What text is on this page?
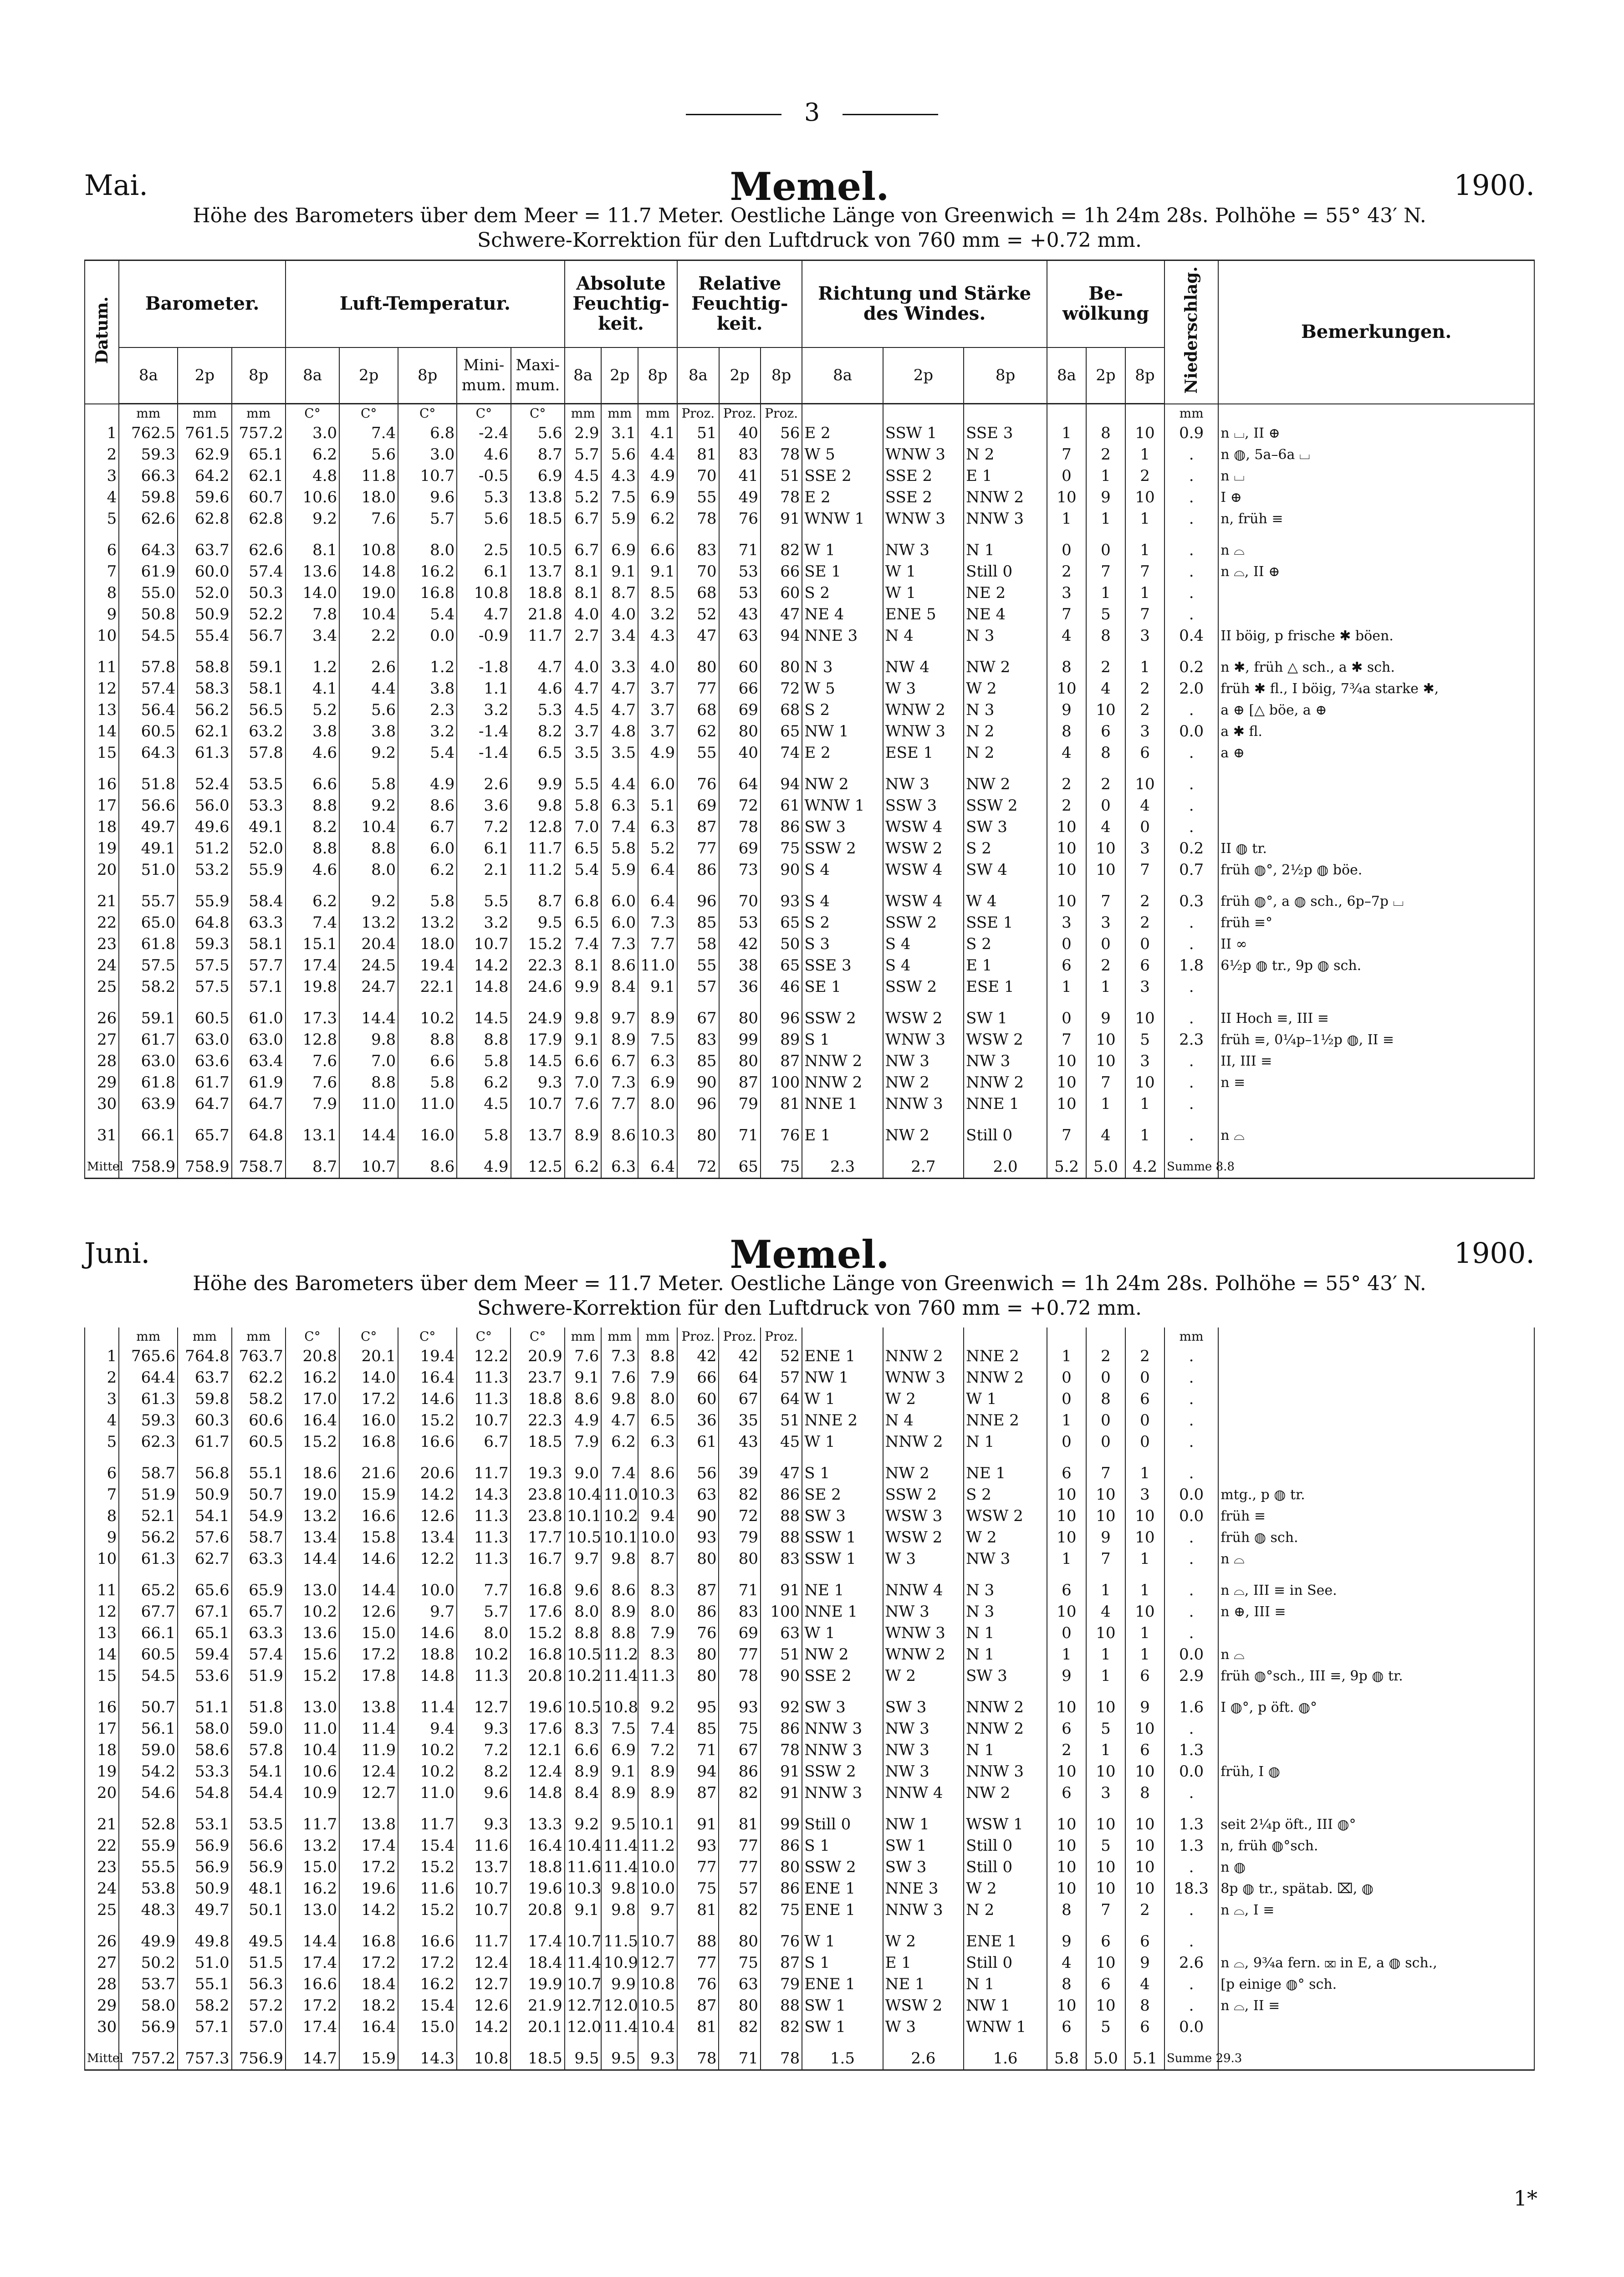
3
Mai.	Memel.	1900.
Höhe des Barometers über dem Meer = 11.7 Meter. Oestliche Länge von Greenwich = 1h 24m 28s. Polhöhe = 55° 43′ N.
Schwere-Korrektion für den Luftdruck von 760 mm = +0.72 mm.
Datum.	Barometer.			Luft-Temperatur.					Absolute Feuchtig-keit.			Relative Feuchtig-keit.			Richtung und Stärke des Windes.			Be-wölkung			Niederschlag.	Bemerkungen.
	8a	2p	8p	8a	2p	8p	Mini-mum.	Maxi-mum.	8a	2p	8p	8a	2p	8p	8a	2p	8p	8a	2p	8p		
	mm	mm	mm	C°	C°	C°	C°	C°	mm	mm	mm	Proz.	Proz.	Proz.							mm	
1	762.5	761.5	757.2	3.0	7.4	6.8	-2.4	5.6	2.9	3.1	4.1	51	40	56	E 2	SSW 1	SSE 3	1	8	10	0.9	n ⌴, II ⊕
2	59.3	62.9	65.1	6.2	5.6	3.0	4.6	8.7	5.7	5.6	4.4	81	83	78	W 5	WNW 3	N 2	7	2	1	.	n ◍, 5a–6a ⌴
3	66.3	64.2	62.1	4.8	11.8	10.7	-0.5	6.9	4.5	4.3	4.9	70	41	51	SSE 2	SSE 2	E 1	0	1	2	.	n ⌴
4	59.8	59.6	60.7	10.6	18.0	9.6	5.3	13.8	5.2	7.5	6.9	55	49	78	E 2	SSE 2	NNW 2	10	9	10	.	I ⊕
5	62.6	62.8	62.8	9.2	7.6	5.7	5.6	18.5	6.7	5.9	6.2	78	76	91	WNW 1	WNW 3	NNW 3	1	1	1	.	n, früh ≡

6	64.3	63.7	62.6	8.1	10.8	8.0	2.5	10.5	6.7	6.9	6.6	83	71	82	W 1	NW 3	N 1	0	0	1	.	n ⌓
7	61.9	60.0	57.4	13.6	14.8	16.2	6.1	13.7	8.1	9.1	9.1	70	53	66	SE 1	W 1	Still 0	2	7	7	.	n ⌓, II ⊕
8	55.0	52.0	50.3	14.0	19.0	16.8	10.8	18.8	8.1	8.7	8.5	68	53	60	S 2	W 1	NE 2	3	1	1	.	
9	50.8	50.9	52.2	7.8	10.4	5.4	4.7	21.8	4.0	4.0	3.2	52	43	47	NE 4	ENE 5	NE 4	7	5	7	.	
10	54.5	55.4	56.7	3.4	2.2	0.0	-0.9	11.7	2.7	3.4	4.3	47	63	94	NNE 3	N 4	N 3	4	8	3	0.4	II böig, p frische ✱ böen.

11	57.8	58.8	59.1	1.2	2.6	1.2	-1.8	4.7	4.0	3.3	4.0	80	60	80	N 3	NW 4	NW 2	8	2	1	0.2	n ✱, früh △ sch., a ✱ sch.
12	57.4	58.3	58.1	4.1	4.4	3.8	1.1	4.6	4.7	4.7	3.7	77	66	72	W 5	W 3	W 2	10	4	2	2.0	früh ✱ fl., I böig, 7¾a starke ✱,
13	56.4	56.2	56.5	5.2	5.6	2.3	3.2	5.3	4.5	4.7	3.7	68	69	68	S 2	WNW 2	N 3	9	10	2	.	a ⊕ [△ böe, a ⊕
14	60.5	62.1	63.2	3.8	3.8	3.2	-1.4	8.2	3.7	4.8	3.7	62	80	65	NW 1	WNW 3	N 2	8	6	3	0.0	a ✱ fl.
15	64.3	61.3	57.8	4.6	9.2	5.4	-1.4	6.5	3.5	3.5	4.9	55	40	74	E 2	ESE 1	N 2	4	8	6	.	a ⊕

16	51.8	52.4	53.5	6.6	5.8	4.9	2.6	9.9	5.5	4.4	6.0	76	64	94	NW 2	NW 3	NW 2	2	2	10	.	
17	56.6	56.0	53.3	8.8	9.2	8.6	3.6	9.8	5.8	6.3	5.1	69	72	61	WNW 1	SSW 3	SSW 2	2	0	4	.	
18	49.7	49.6	49.1	8.2	10.4	6.7	7.2	12.8	7.0	7.4	6.3	87	78	86	SW 3	WSW 4	SW 3	10	4	0	.	
19	49.1	51.2	52.0	8.8	8.8	6.0	6.1	11.7	6.5	5.8	5.2	77	69	75	SSW 2	WSW 2	S 2	10	10	3	0.2	II ◍ tr.
20	51.0	53.2	55.9	4.6	8.0	6.2	2.1	11.2	5.4	5.9	6.4	86	73	90	S 4	WSW 4	SW 4	10	10	7	0.7	früh ◍°, 2½p ◍ böe.

21	55.7	55.9	58.4	6.2	9.2	5.8	5.5	8.7	6.8	6.0	6.4	96	70	93	S 4	WSW 4	W 4	10	7	2	0.3	früh ◍°, a ◍ sch., 6p–7p ⌴
22	65.0	64.8	63.3	7.4	13.2	13.2	3.2	9.5	6.5	6.0	7.3	85	53	65	S 2	SSW 2	SSE 1	3	3	2	.	früh ≡°
23	61.8	59.3	58.1	15.1	20.4	18.0	10.7	15.2	7.4	7.3	7.7	58	42	50	S 3	S 4	S 2	0	0	0	.	II ∞
24	57.5	57.5	57.7	17.4	24.5	19.4	14.2	22.3	8.1	8.6	11.0	55	38	65	SSE 3	S 4	E 1	6	2	6	1.8	6½p ◍ tr., 9p ◍ sch.
25	58.2	57.5	57.1	19.8	24.7	22.1	14.8	24.6	9.9	8.4	9.1	57	36	46	SE 1	SSW 2	ESE 1	1	1	3	.	

26	59.1	60.5	61.0	17.3	14.4	10.2	14.5	24.9	9.8	9.7	8.9	67	80	96	SSW 2	WSW 2	SW 1	0	9	10	.	II Hoch ≡, III ≡
27	61.7	63.0	63.0	12.8	9.8	8.8	8.8	17.9	9.1	8.9	7.5	83	99	89	S 1	WNW 3	WSW 2	7	10	5	2.3	früh ≡, 0¼p–1½p ◍, II ≡
28	63.0	63.6	63.4	7.6	7.0	6.6	5.8	14.5	6.6	6.7	6.3	85	80	87	NNW 2	NW 3	NW 3	10	10	3	.	II, III ≡
29	61.8	61.7	61.9	7.6	8.8	5.8	6.2	9.3	7.0	7.3	6.9	90	87	100	NNW 2	NW 2	NNW 2	10	7	10	.	n ≡
30	63.9	64.7	64.7	7.9	11.0	11.0	4.5	10.7	7.6	7.7	8.0	96	79	81	NNE 1	NNW 3	NNE 1	10	1	1	.	

31	66.1	65.7	64.8	13.1	14.4	16.0	5.8	13.7	8.9	8.6	10.3	80	71	76	E 1	NW 2	Still 0	7	4	1	.	n ⌓

Mittel	758.9	758.9	758.7	8.7	10.7	8.6	4.9	12.5	6.2	6.3	6.4	72	65	75	2.3	2.7	2.0	5.2	5.0	4.2	Summe 8.8	
Juni.	Memel.	1900.
Höhe des Barometers über dem Meer = 11.7 Meter. Oestliche Länge von Greenwich = 1h 24m 28s. Polhöhe = 55° 43′ N.
Schwere-Korrektion für den Luftdruck von 760 mm = +0.72 mm.
	mm	mm	mm	C°	C°	C°	C°	C°	mm	mm	mm	Proz.	Proz.	Proz.							mm	
1	765.6	764.8	763.7	20.8	20.1	19.4	12.2	20.9	7.6	7.3	8.8	42	42	52	ENE 1	NNW 2	NNE 2	1	2	2	.	
2	64.4	63.7	62.2	16.2	14.0	16.4	11.3	23.7	9.1	7.6	7.9	66	64	57	NW 1	WNW 3	NNW 2	0	0	0	.	
3	61.3	59.8	58.2	17.0	17.2	14.6	11.3	18.8	8.6	9.8	8.0	60	67	64	W 1	W 2	W 1	0	8	6	.	
4	59.3	60.3	60.6	16.4	16.0	15.2	10.7	22.3	4.9	4.7	6.5	36	35	51	NNE 2	N 4	NNE 2	1	0	0	.	
5	62.3	61.7	60.5	15.2	16.8	16.6	6.7	18.5	7.9	6.2	6.3	61	43	45	W 1	NNW 2	N 1	0	0	0	.	

6	58.7	56.8	55.1	18.6	21.6	20.6	11.7	19.3	9.0	7.4	8.6	56	39	47	S 1	NW 2	NE 1	6	7	1	.	
7	51.9	50.9	50.7	19.0	15.9	14.2	14.3	23.8	10.4	11.0	10.3	63	82	86	SE 2	SSW 2	S 2	10	10	3	0.0	mtg., p ◍ tr.
8	52.1	54.1	54.9	13.2	16.6	12.6	11.3	23.8	10.1	10.2	9.4	90	72	88	SW 3	WSW 3	WSW 2	10	10	10	0.0	früh ≡
9	56.2	57.6	58.7	13.4	15.8	13.4	11.3	17.7	10.5	10.1	10.0	93	79	88	SSW 1	WSW 2	W 2	10	9	10	.	früh ◍ sch.
10	61.3	62.7	63.3	14.4	14.6	12.2	11.3	16.7	9.7	9.8	8.7	80	80	83	SSW 1	W 3	NW 3	1	7	1	.	n ⌓

11	65.2	65.6	65.9	13.0	14.4	10.0	7.7	16.8	9.6	8.6	8.3	87	71	91	NE 1	NNW 4	N 3	6	1	1	.	n ⌓, III ≡ in See.
12	67.7	67.1	65.7	10.2	12.6	9.7	5.7	17.6	8.0	8.9	8.0	86	83	100	NNE 1	NW 3	N 3	10	4	10	.	n ⊕, III ≡
13	66.1	65.1	63.3	13.6	15.0	14.6	8.0	15.2	8.8	8.8	7.9	76	69	63	W 1	WNW 3	N 1	0	10	1	.	
14	60.5	59.4	57.4	15.6	17.2	18.8	10.2	16.8	10.5	11.2	8.3	80	77	51	NW 2	WNW 2	N 1	1	1	1	0.0	n ⌓
15	54.5	53.6	51.9	15.2	17.8	14.8	11.3	20.8	10.2	11.4	11.3	80	78	90	SSE 2	W 2	SW 3	9	1	6	2.9	früh ◍°sch., III ≡, 9p ◍ tr.

16	50.7	51.1	51.8	13.0	13.8	11.4	12.7	19.6	10.5	10.8	9.2	95	93	92	SW 3	SW 3	NNW 2	10	10	9	1.6	I ◍°, p öft. ◍°
17	56.1	58.0	59.0	11.0	11.4	9.4	9.3	17.6	8.3	7.5	7.4	85	75	86	NNW 3	NW 3	NNW 2	6	5	10	.	
18	59.0	58.6	57.8	10.4	11.9	10.2	7.2	12.1	6.6	6.9	7.2	71	67	78	NNW 3	NW 3	N 1	2	1	6	1.3	
19	54.2	53.3	54.1	10.6	12.4	10.2	8.2	12.4	8.9	9.1	8.9	94	86	91	SSW 2	NW 3	NNW 3	10	10	10	0.0	früh, I ◍
20	54.6	54.8	54.4	10.9	12.7	11.0	9.6	14.8	8.4	8.9	8.9	87	82	91	NNW 3	NNW 4	NW 2	6	3	8	.	

21	52.8	53.1	53.5	11.7	13.8	11.7	9.3	13.3	9.2	9.5	10.1	91	81	99	Still 0	NW 1	WSW 1	10	10	10	1.3	seit 2¼p öft., III ◍°
22	55.9	56.9	56.6	13.2	17.4	15.4	11.6	16.4	10.4	11.4	11.2	93	77	86	S 1	SW 1	Still 0	10	5	10	1.3	n, früh ◍°sch.
23	55.5	56.9	56.9	15.0	17.2	15.2	13.7	18.8	11.6	11.4	10.0	77	77	80	SSW 2	SW 3	Still 0	10	10	10	.	n ◍
24	53.8	50.9	48.1	16.2	19.6	11.6	10.7	19.6	10.3	9.8	10.0	75	57	86	ENE 1	NNE 3	W 2	10	10	10	18.3	8p ◍ tr., spätab. ⌧, ◍
25	48.3	49.7	50.1	13.0	14.2	15.2	10.7	20.8	9.1	9.8	9.7	81	82	75	ENE 1	NNW 3	N 2	8	7	2	.	n ⌓, I ≡

26	49.9	49.8	49.5	14.4	16.8	16.6	11.7	17.4	10.7	11.5	10.7	88	80	76	W 1	W 2	ENE 1	9	6	6	.	
27	50.2	51.0	51.5	17.4	17.2	17.2	12.4	18.4	11.4	10.9	12.7	77	75	87	S 1	E 1	Still 0	4	10	9	2.6	n ⌓, 9¾a fern. ⌧ in E, a ◍ sch.,
28	53.7	55.1	56.3	16.6	18.4	16.2	12.7	19.9	10.7	9.9	10.8	76	63	79	ENE 1	NE 1	N 1	8	6	4	.	[p einige ◍° sch.
29	58.0	58.2	57.2	17.2	18.2	15.4	12.6	21.9	12.7	12.0	10.5	87	80	88	SW 1	WSW 2	NW 1	10	10	8	.	n ⌓, II ≡
30	56.9	57.1	57.0	17.4	16.4	15.0	14.2	20.1	12.0	11.4	10.4	81	82	82	SW 1	W 3	WNW 1	6	5	6	0.0	

Mittel	757.2	757.3	756.9	14.7	15.9	14.3	10.8	18.5	9.5	9.5	9.3	78	71	78	1.5	2.6	1.6	5.8	5.0	5.1	Summe 29.3	
1*
